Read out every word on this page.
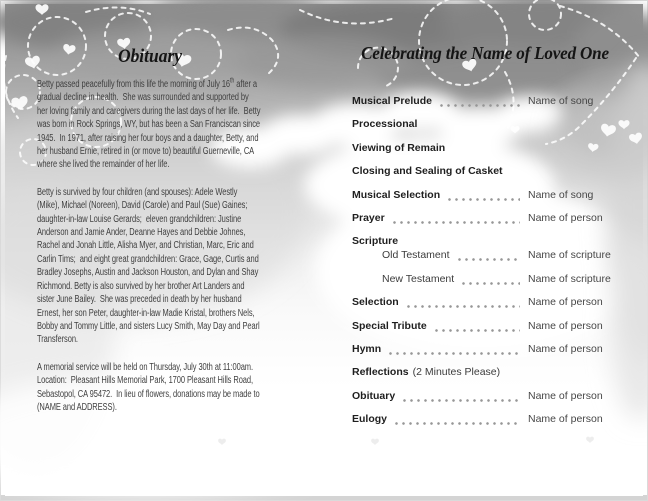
Obituary

Betty passed peacefully from this life the morning of July 16th after a gradual decline in health.  She was surrounded and supported by her loving family and caregivers during the last days of her life.  Betty was born in Rock Springs, WY, but has been a San Franciscan since 1945.  In 1971, after raising her four boys and a daughter, Betty, and her husband Ernie, retired in (or move to) beautiful Guerneville, CA where she lived the remainder of her life.

Betty is survived by four children (and spouses): Adele Westly (Mike), Michael (Noreen), David (Carole) and Paul (Sue) Gaines;  daughter-in-law Louise Gerards;  eleven grandchildren: Justine Anderson and Jamie Ander, Deanne Hayes and Debbie Johnes, Rachel and Jonah Little, Alisha Myer, and Christian, Marc, Eric and Carlin Tims;  and eight great grandchildren: Grace, Gage, Curtis and Bradley Josephs, Austin and Jackson Houston, and Dylan and Shay Richmond. Betty is also survived by her brother Art Landers and sister June Bailey.  She was preceded in death by her husband Ernest, her son Peter, daughter-in-law Madie Kristal, brothers Nels, Bobby and Tommy Little, and sisters Lucy Smith, May Day and Pearl Transferson.

A memorial service will be held on Thursday, July 30th at 11:00am.  Location:  Pleasant Hills Memorial Park, 1700 Pleasant Hills Road, Sebastopol, CA 95472.  In lieu of flowers, donations may be made to (NAME and ADDRESS).

Celebrating the Name of Loved One
Musical Prelude	Name of song
Processional
Viewing of Remain
Closing and Sealing of Casket
Musical Selection	Name of song
Prayer	Name of person
Scripture
Old Testament	Name of scripture
New Testament	Name of scripture
Selection	Name of person
Special Tribute	Name of person
Hymn	Name of person
Reflections (2 Minutes Please)
Obituary	Name of person
Eulogy	Name of person
